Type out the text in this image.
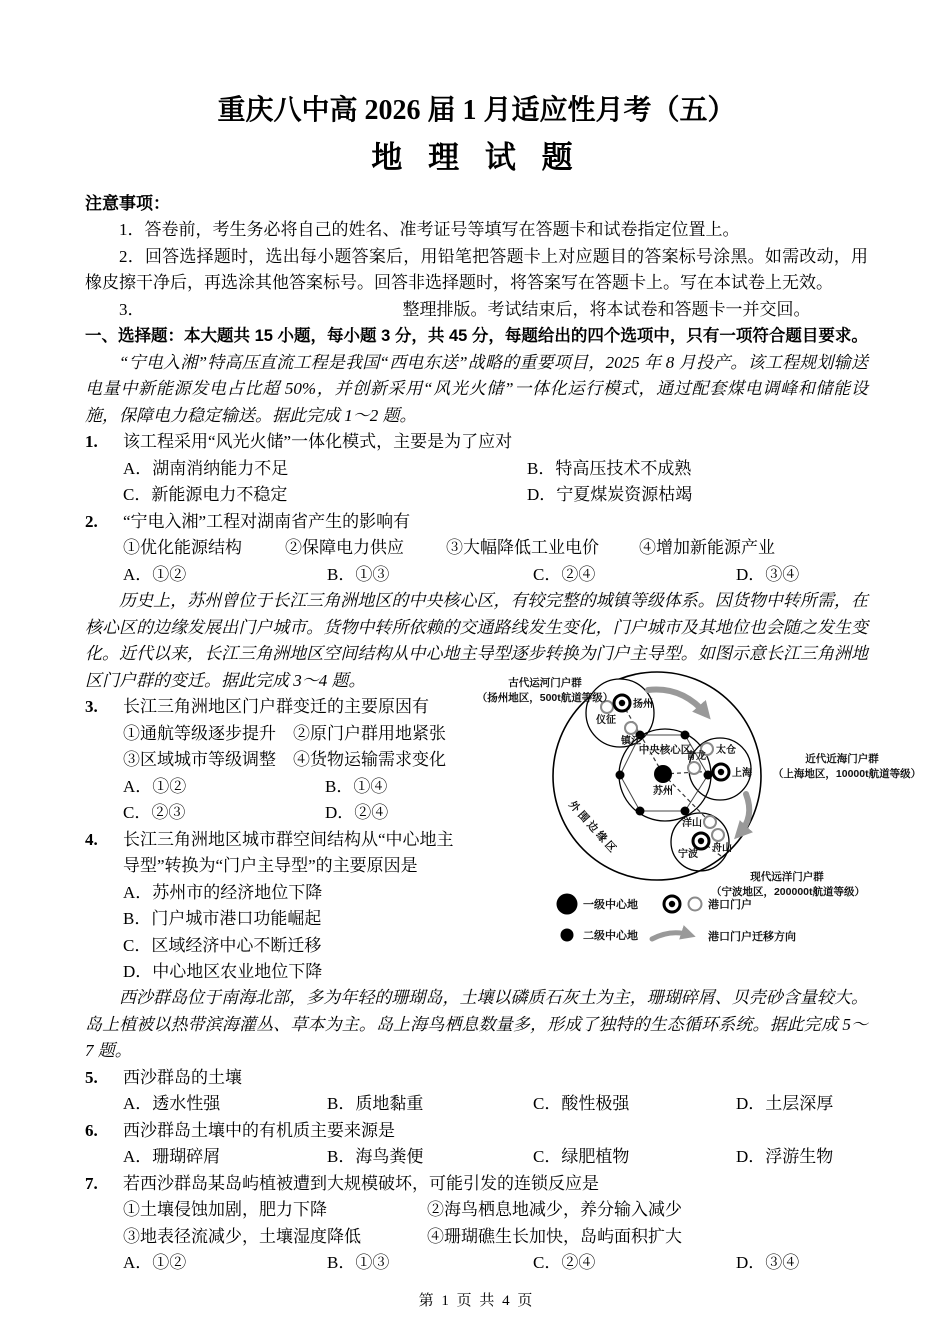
重庆八中高 2026 届 1 月适应性月考（五）
地 理 试 题
注意事项：

1．答卷前，考生务必将自己的姓名、准考证号等填写在答题卡和试卷指定位置上。

2．回答选择题时，选出每小题答案后，用铅笔把答题卡上对应题目的答案标号涂黑。如需改动，用橡皮擦干净后，再选涂其他答案标号。回答非选择题时，将答案写在答题卡上。写在本试卷上无效。

3．	整理排版。考试结束后，将本试卷和答题卡一并交回。

一、选择题：本大题共 15 小题，每小题 3 分，共 45 分，每题给出的四个选项中，只有一项符合题目要求。

“宁电入湘”特高压直流工程是我国“西电东送”战略的重要项目，2025 年 8 月投产。该工程规划输送电量中新能源发电占比超 50%，并创新采用“风光火储”一体化运行模式，通过配套煤电调峰和储能设施，保障电力稳定输送。据此完成 1～2 题。

1.	该工程采用“风光火储”一体化模式，主要是为了应对
A．湖南消纳能力不足	B．特高压技术不成熟
C．新能源电力不稳定	D．宁夏煤炭资源枯竭
2.	“宁电入湘”工程对湖南省产生的影响有
①优化能源结构	②保障电力供应	③大幅降低工业电价	④增加新能源产业
A．①②	B．①③	C．②④	D．③④

历史上，苏州曾位于长江三角洲地区的中央核心区，有较完整的城镇等级体系。因货物中转所需，在核心区的边缘发展出门户城市。货物中转所依赖的交通路线发生变化，门户城市及其地位也会随之发生变化。近代以来，长江三角洲地区空间结构从中心地主导型逐步转换为门户主导型。如图示意长江三角洲地区门户群的变迁。据此完成 3～4 题。

3.	长江三角洲地区门户群变迁的主要原因有
①通航等级逐步提升　②原门户群用地紧张
③区域城市等级调整　④货物运输需求变化
A．①②	B．①④
C．②③	D．②④
4.	长江三角洲地区城市群空间结构从“中心地主
导型”转换为“门户主导型”的主要原因是
A．苏州市的经济地位下降
B．门户城市港口功能崛起
C．区域经济中心不断迁移
D．中心地区农业地位下降
扬州
仪征
镇江
太仓
青龙
上海
洋山
舟山
宁波
苏州
中央核心区
外围边缘区
古代运河门户群
（扬州地区，500t航道等级）
近代近海门户群
（上海地区，10000t航道等级）
现代远洋门户群
（宁波地区，200000t航道等级）
一级中心地
二级中心地
港口门户
港口门户迁移方向

西沙群岛位于南海北部，多为年轻的珊瑚岛，土壤以磷质石灰土为主，珊瑚碎屑、贝壳砂含量较大。岛上植被以热带滨海灌丛、草本为主。岛上海鸟栖息数量多，形成了独特的生态循环系统。据此完成 5～7 题。

5.	西沙群岛的土壤
A．透水性强	B．质地黏重	C．酸性极强	D．土层深厚
6.	西沙群岛土壤中的有机质主要来源是
A．珊瑚碎屑	B．海鸟粪便	C．绿肥植物	D．浮游生物
7.	若西沙群岛某岛屿植被遭到大规模破坏，可能引发的连锁反应是
①土壤侵蚀加剧，肥力下降	②海鸟栖息地减少，养分输入减少
③地表径流减少，土壤湿度降低	④珊瑚礁生长加快，岛屿面积扩大
A．①②	B．①③	C．②④	D．③④
第 1 页 共 4 页
